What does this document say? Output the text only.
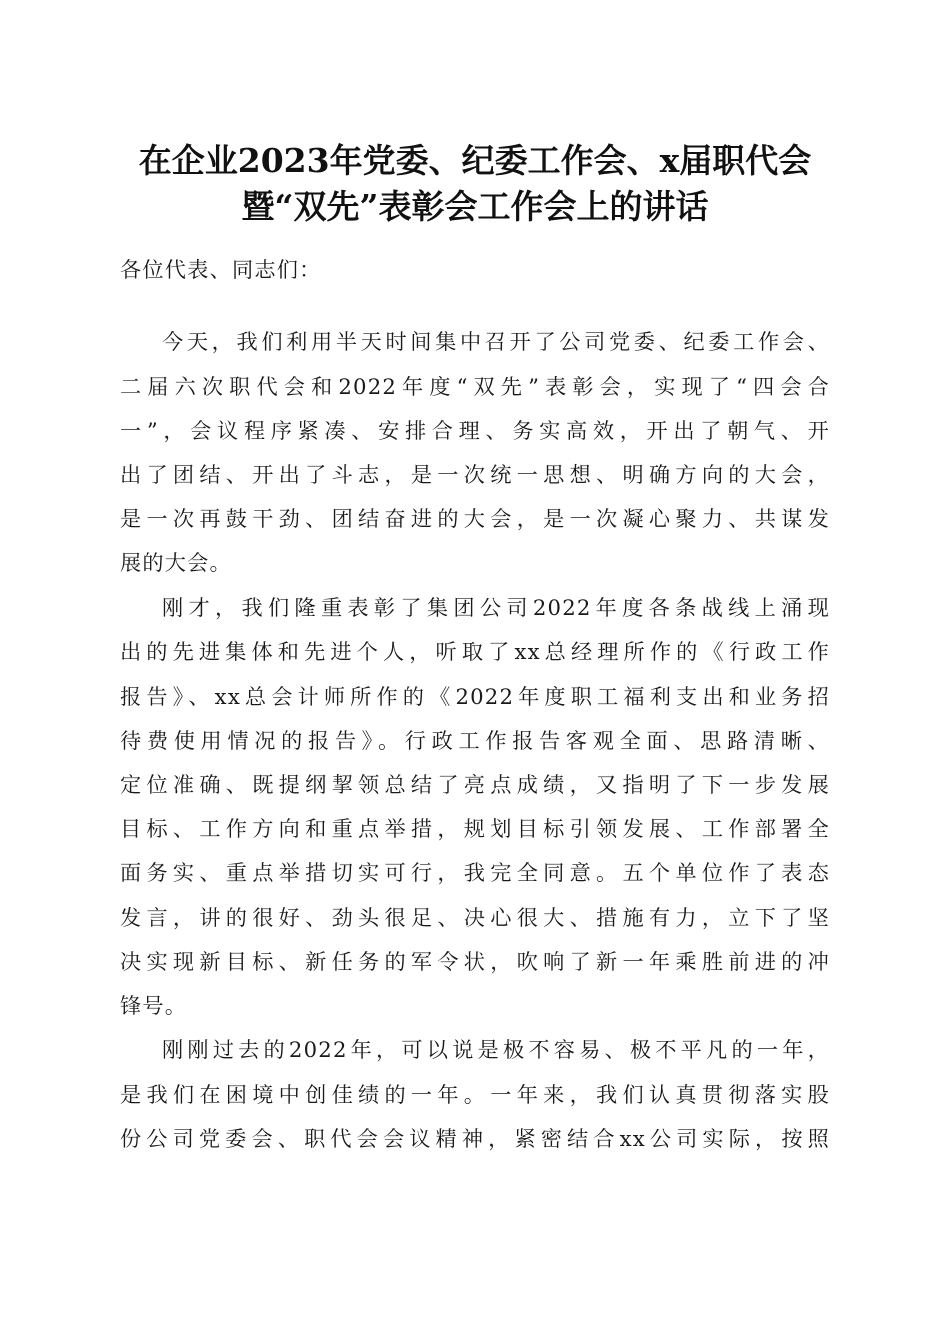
在企业2023年党委、纪委工作会、x届职代会
暨“双先”表彰会工作会上的讲话

各位代表、同志们：

今天，我们利用半天时间集中召开了公司党委、纪委工作会、

二届六次职代会和2022年度“双先”表彰会，实现了“四会合

一”，会议程序紧凑、安排合理、务实高效，开出了朝气、开

出了团结、开出了斗志，是一次统一思想、明确方向的大会，

是一次再鼓干劲、团结奋进的大会，是一次凝心聚力、共谋发

展的大会。

刚才，我们隆重表彰了集团公司2022年度各条战线上涌现

出的先进集体和先进个人，听取了xx总经理所作的《行政工作

报告》、xx总会计师所作的《2022年度职工福利支出和业务招

待费使用情况的报告》。行政工作报告客观全面、思路清晰、

定位准确、既提纲挈领总结了亮点成绩，又指明了下一步发展

目标、工作方向和重点举措，规划目标引领发展、工作部署全

面务实、重点举措切实可行，我完全同意。五个单位作了表态

发言，讲的很好、劲头很足、决心很大、措施有力，立下了坚

决实现新目标、新任务的军令状，吹响了新一年乘胜前进的冲

锋号。

刚刚过去的2022年，可以说是极不容易、极不平凡的一年，

是我们在困境中创佳绩的一年。一年来，我们认真贯彻落实股

份公司党委会、职代会会议精神，紧密结合xx公司实际，按照
